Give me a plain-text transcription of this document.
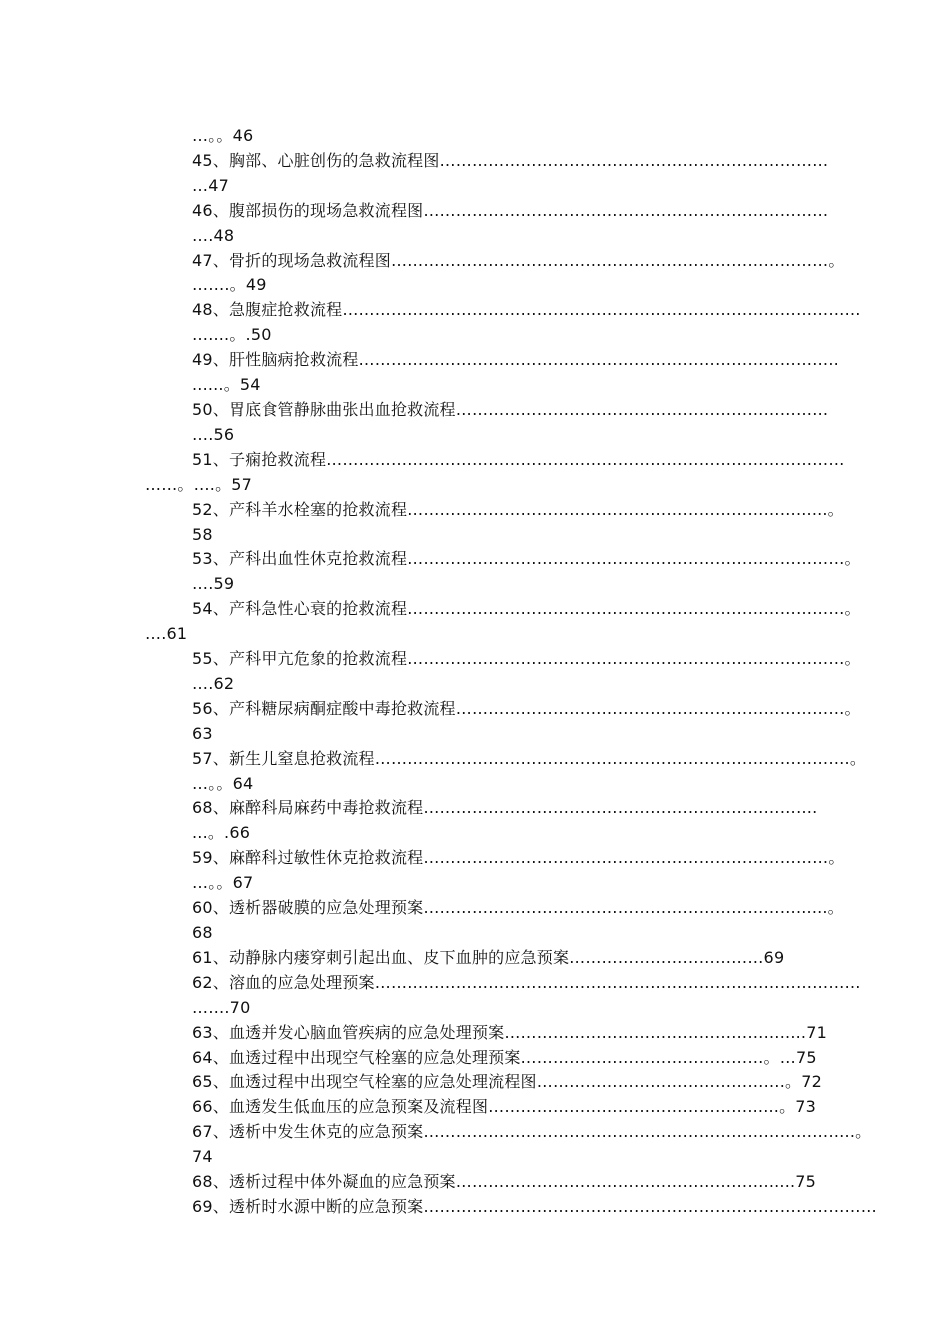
…。。46
45、胸部、心脏创伤的急救流程图………………………………………………………………
…47
46、腹部损伤的现场急救流程图…………………………………………………………………
….48
47、骨折的现场急救流程图………………………………………………………………………。
…….。49
48、急腹症抢救流程……………………………………………………………………………………
…....。.50
49、肝性脑病抢救流程……………………………………………………………………………..
......。54
50、胃底食管静脉曲张出血抢救流程……………………………………………………………
….56
51、子痫抢救流程……………………………………………………………………………………
……。….。57
52、产科羊水栓塞的抢救流程………………………………………………………………......。
58
53、产科出血性休克抢救流程………………………………………………………………………。
….59
54、产科急性心衰的抢救流程………………………………………………………………………。
….61
55、产科甲亢危象的抢救流程………………………………………………………………………。
….62
56、产科糖尿病酮症酸中毒抢救流程………………………………………………………………。
63
57、新生儿窒息抢救流程…………………………………………………………………………….。
…。。64
68、麻醉科局麻药中毒抢救流程……………………………………………………………….
...。.66
59、麻醉科过敏性休克抢救流程…………………………………………………………………。
…。。67
60、透析器破膜的应急处理预案……………………………………………………………......。
68
61、动静脉内瘘穿刺引起出血、皮下血肿的应急预案………………………………69
62、溶血的应急处理预案………………………………………………………………………………
…….70
63、血透并发心脑血管疾病的应急处理预案…………………………………………….....71
64、血透过程中出现空气栓塞的应急处理预案………………………………………。…75
65、血透过程中出现空气栓塞的应急处理流程图……………………………………….。72
66、血透发生低血压的应急预案及流程图…………………………………………......。73
67、透析中发生休克的应急预案……………………………………………………………………..。
74
68、透析过程中体外凝血的应急预案…………………………………………………......75
69、透析时水源中断的应急预案…………………………………………………………………………
